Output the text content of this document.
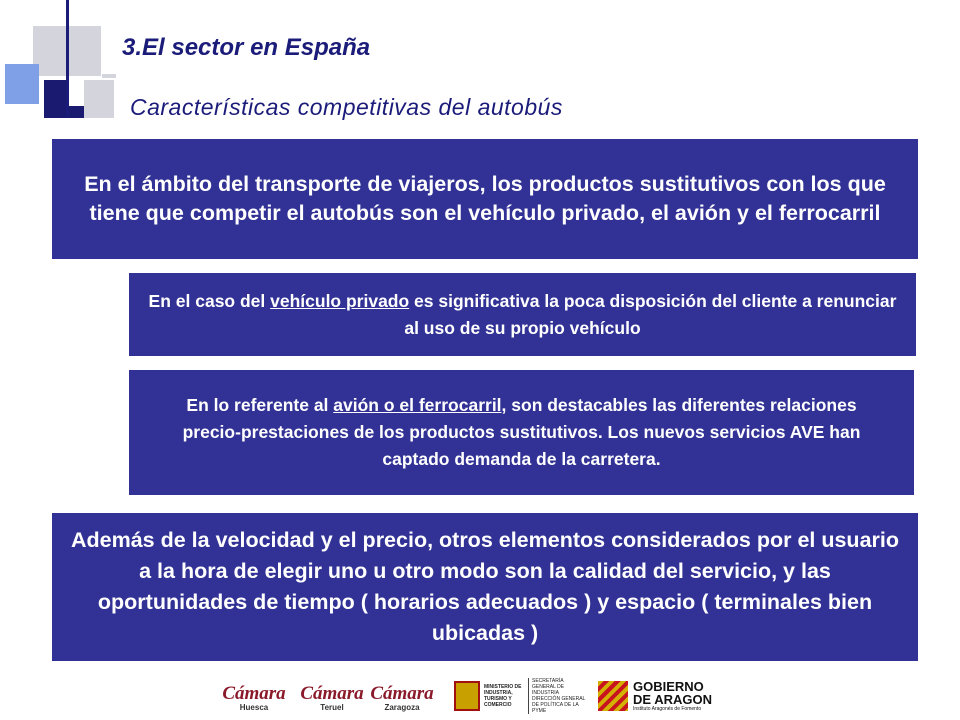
3.El sector en España
Características competitivas del autobús
En el ámbito del transporte de viajeros, los productos sustitutivos con los que tiene que competir el autobús son el vehículo privado, el avión y el ferrocarril
En el caso del vehículo privado es significativa la poca disposición del cliente a renunciar al uso de su propio vehículo
En lo referente al avión o el ferrocarril, son destacables las diferentes relaciones precio-prestaciones de los productos sustitutivos. Los nuevos servicios AVE han captado demanda de la carretera.
Además de la velocidad y el precio, otros elementos considerados por el usuario a la hora de elegir uno u otro modo son la calidad del servicio, y las oportunidades de tiempo ( horarios adecuados ) y espacio ( terminales bien ubicadas )
Cámara
Huesca
Cámara
Teruel
Cámara
Zaragoza
MINISTERIO DE INDUSTRIA, TURISMO Y COMERCIO
SECRETARÍA GENERAL DE INDUSTRIA DIRECCIÓN GENERAL DE POLÍTICA DE LA PYME
GOBIERNO
DE ARAGON
Instituto Aragonés de Fomento
